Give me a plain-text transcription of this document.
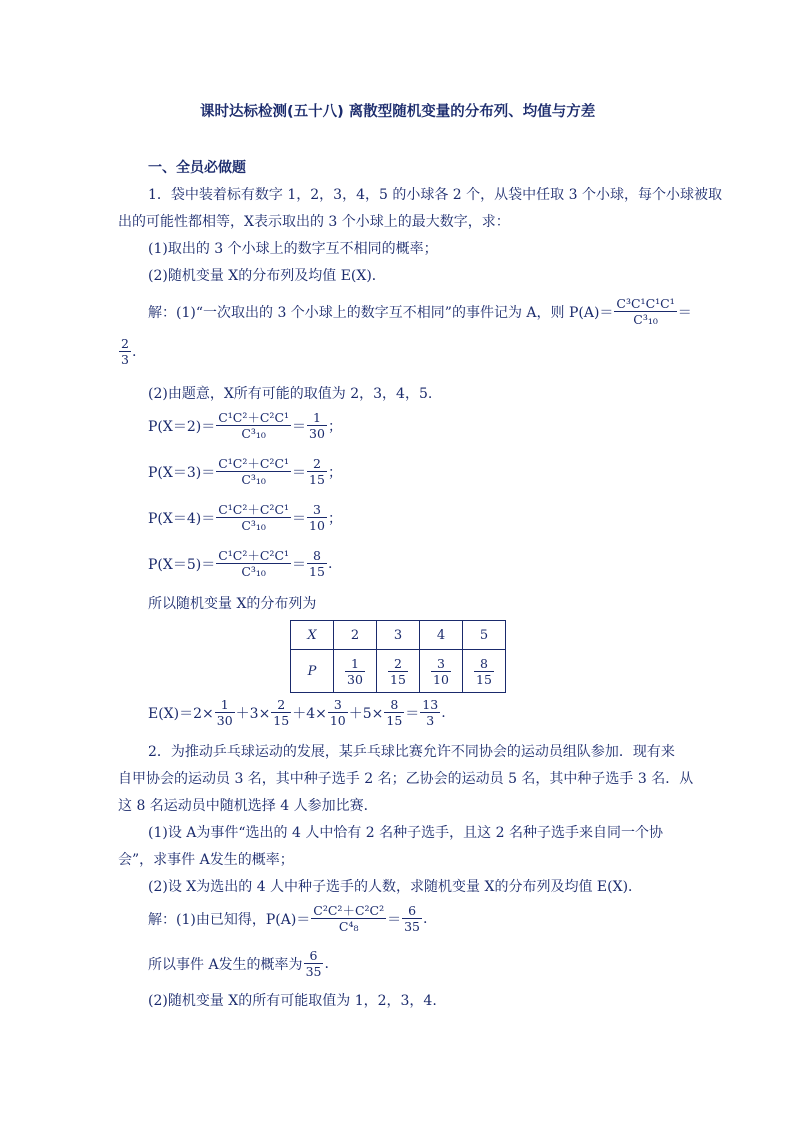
课时达标检测(五十八) 离散型随机变量的分布列、均值与方差
一、全员必做题
1．袋中装着标有数字 1，2，3，4，5 的小球各 2 个，从袋中任取 3 个小球，每个小球被取
出的可能性都相等，X表示取出的 3 个小球上的最大数字，求：
(1)取出的 3 个小球上的数字互不相同的概率；
(2)随机变量 X的分布列及均值 E(X)．
解：(1)“一次取出的 3 个小球上的数字互不相同”的事件记为 A，则 $P(A)= \frac{\text{C³C¹C¹C¹}}{\text{C³₁₀}}$ ＝
$\frac{2}{3}$ .
(2)由题意，X所有可能的取值为 2，3，4，5.
$P(X=2)= \frac{\text{C¹C²＋C²C¹}}{\text{C³₁₀}} = \frac{1}{30}$ ；
$P(X=3)= \frac{\text{C¹C²＋C²C¹}}{\text{C³₁₀}} = \frac{2}{15}$ ；
$P(X=4)= \frac{\text{C¹C²＋C²C¹}}{\text{C³₁₀}} = \frac{3}{10}$ ；
$P(X=5)= \frac{\text{C¹C²＋C²C¹}}{\text{C³₁₀}} = \frac{8}{15}$ .
所以随机变量 X的分布列为
X	2	3	4	5
P	$\frac{1}{30}$	$\frac{2}{15}$	$\frac{3}{10}$	$\frac{8}{15}$
$E(X)=2\times \frac{1}{30} +3\times \frac{2}{15} +4\times \frac{3}{10} +5\times \frac{8}{15} = \frac{13}{3}$ .
2．为推动乒乓球运动的发展，某乒乓球比赛允许不同协会的运动员组队参加．现有来
自甲协会的运动员 3 名，其中种子选手 2 名；乙协会的运动员 5 名，其中种子选手 3 名．从
这 8 名运动员中随机选择 4 人参加比赛．
(1)设 A为事件“选出的 4 人中恰有 2 名种子选手，且这 2 名种子选手来自同一个协
会”，求事件 A发生的概率；
(2)设 X为选出的 4 人中种子选手的人数，求随机变量 X的分布列及均值 E(X)．
解：(1)由已知得，$P(A)= \frac{\text{C²C²＋C²C²}}{\text{C⁴₈}} = \frac{6}{35}$ .
所以事件 A发生的概率为 $\frac{6}{35}$ .
(2)随机变量 X的所有可能取值为 1，2，3，4.
